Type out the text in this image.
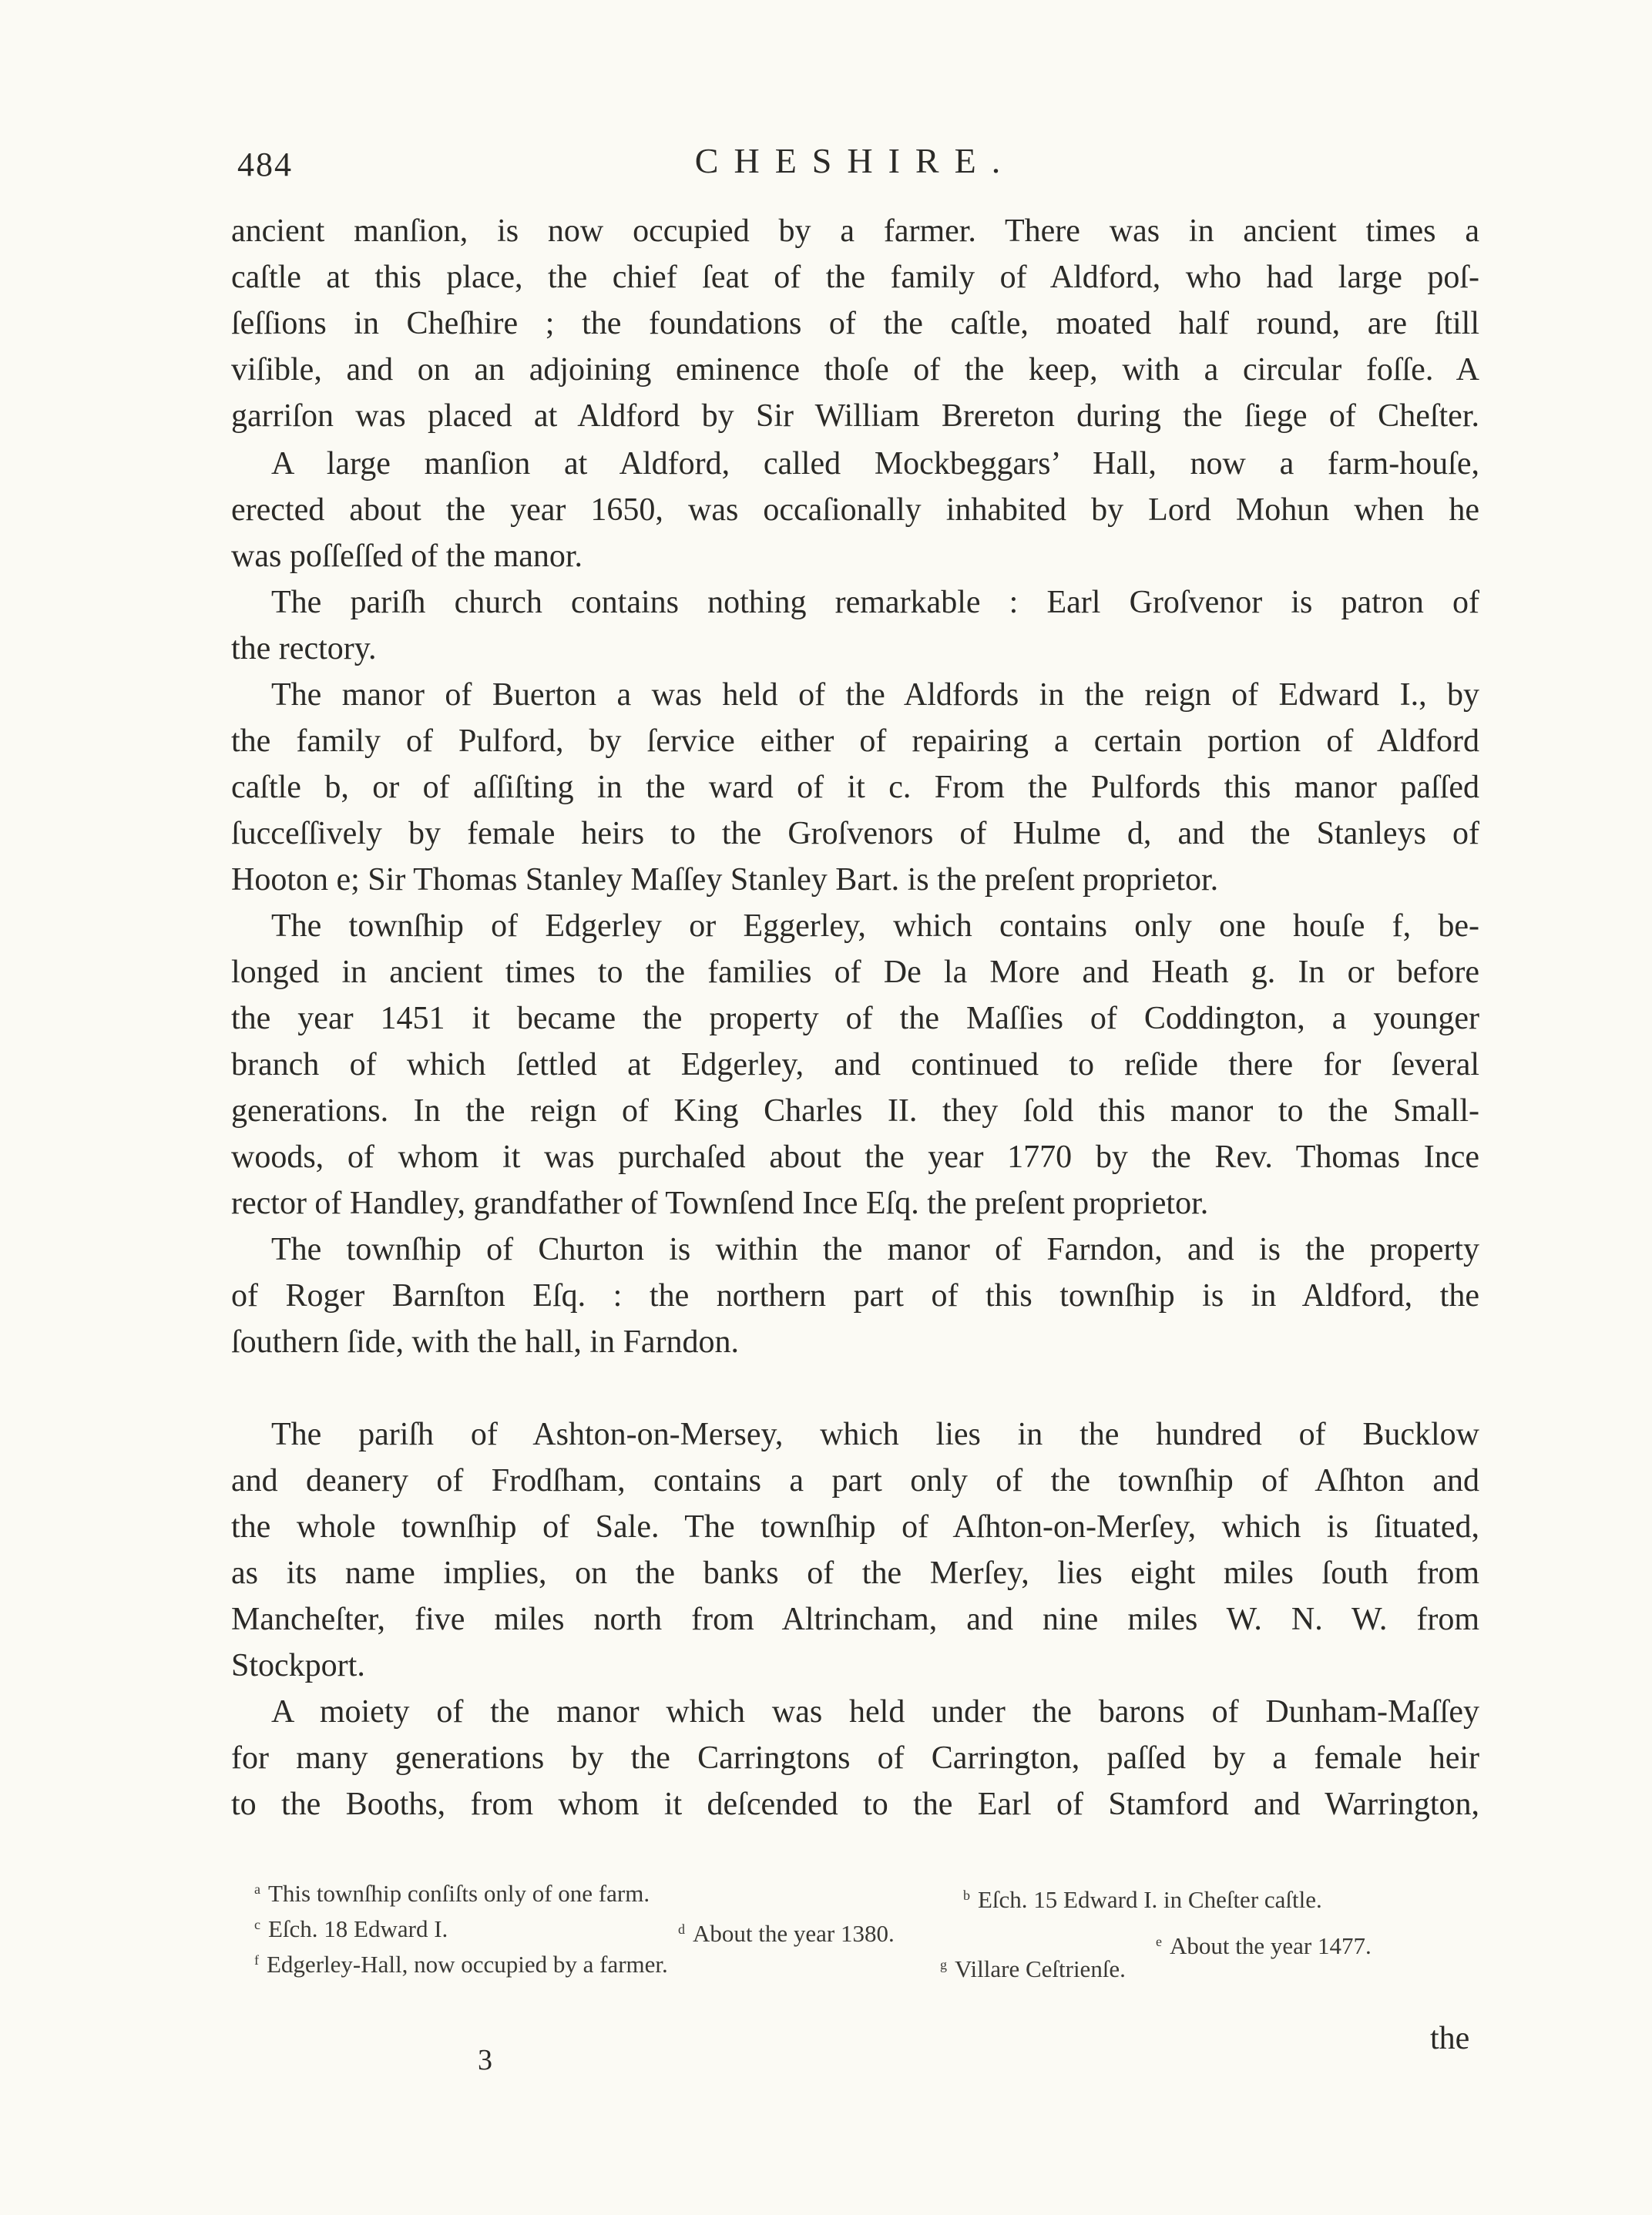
484	CHESHIRE.
ancient manſion, is now occupied by a farmer. There was in ancient times a
caſtle at this place, the chief ſeat of the family of Aldford, who had large poſ-
ſeſſions in Cheſhire ; the foundations of the caſtle, moated half round, are ſtill
viſible, and on an adjoining eminence thoſe of the keep, with a circular foſſe. A
garriſon was placed at Aldford by Sir William Brereton during the ſiege of Cheſter.
A large manſion at Aldford, called Mockbeggars’ Hall, now a farm-houſe,
erected about the year 1650, was occaſionally inhabited by Lord Mohun when he
was poſſeſſed of the manor.
The pariſh church contains nothing remarkable : Earl Groſvenor is patron of
the rectory.
The manor of Buerton a was held of the Aldfords in the reign of Edward I., by
the family of Pulford, by ſervice either of repairing a certain portion of Aldford
caſtle b, or of aſſiſting in the ward of it c. From the Pulfords this manor paſſed
ſucceſſively by female heirs to the Groſvenors of Hulme d, and the Stanleys of
Hooton e; Sir Thomas Stanley Maſſey Stanley Bart. is the preſent proprietor.
The townſhip of Edgerley or Eggerley, which contains only one houſe f, be-
longed in ancient times to the families of De la More and Heath g. In or before
the year 1451 it became the property of the Maſſies of Coddington, a younger
branch of which ſettled at Edgerley, and continued to reſide there for ſeveral
generations. In the reign of King Charles II. they ſold this manor to the Small-
woods, of whom it was purchaſed about the year 1770 by the Rev. Thomas Ince
rector of Handley, grandfather of Townſend Ince Eſq. the preſent proprietor.
The townſhip of Churton is within the manor of Farndon, and is the property
of Roger Barnſton Eſq. : the northern part of this townſhip is in Aldford, the
ſouthern ſide, with the hall, in Farndon.
The pariſh of Ashton-on-Mersey, which lies in the hundred of Bucklow
and deanery of Frodſham, contains a part only of the townſhip of Aſhton and
the whole townſhip of Sale. The townſhip of Aſhton-on-Merſey, which is ſituated,
as its name implies, on the banks of the Merſey, lies eight miles ſouth from
Mancheſter, five miles north from Altrincham, and nine miles W. N. W. from
Stockport.
A moiety of the manor which was held under the barons of Dunham-Maſſey
for many generations by the Carringtons of Carrington, paſſed by a female heir
to the Booths, from whom it deſcended to the Earl of Stamford and Warrington,
$^a$ This townſhip conſiſts only of one farm.	$^b$ Eſch. 15 Edward I. in Cheſter caſtle.
$^c$ Eſch. 18 Edward I.	$^d$ About the year 1380.	$^e$ About the year 1477.
$^f$ Edgerley-Hall, now occupied by a farmer.	$^g$ Villare Ceſtrienſe.
3
the
